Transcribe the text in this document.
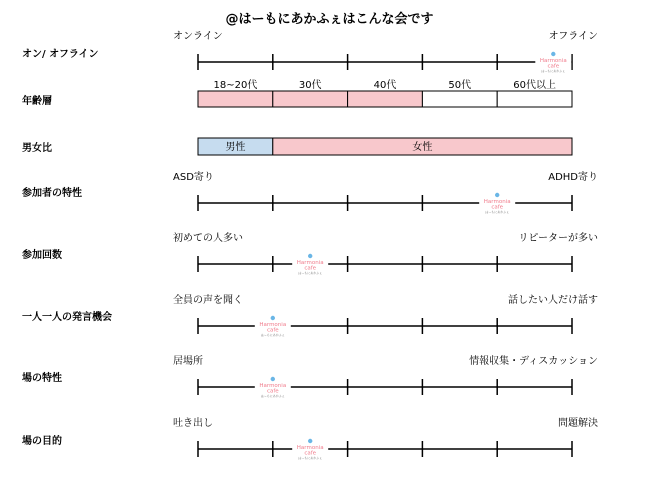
@はーもにあかふぇはこんな会です
オン/ オフライン
オンライン	オフライン
Harmonia
cafe
はーもにあかふぇ
参加者の特性
ASD寄り	ADHD寄り
Harmonia
cafe
はーもにあかふぇ
参加回数
初めての人多い	リピーターが多い
Harmonia
cafe
はーもにあかふぇ
一人一人の発言機会
全員の声を聞く	話したい人だけ話す
Harmonia
cafe
はーもにあかふぇ
場の特性
居場所	情報収集・ディスカッション
Harmonia
cafe
はーもにあかふぇ
場の目的
吐き出し	問題解決
Harmonia
cafe
はーもにあかふぇ
年齢層
18~20代	30代	40代	50代	60代以上
男女比	男性	女性
